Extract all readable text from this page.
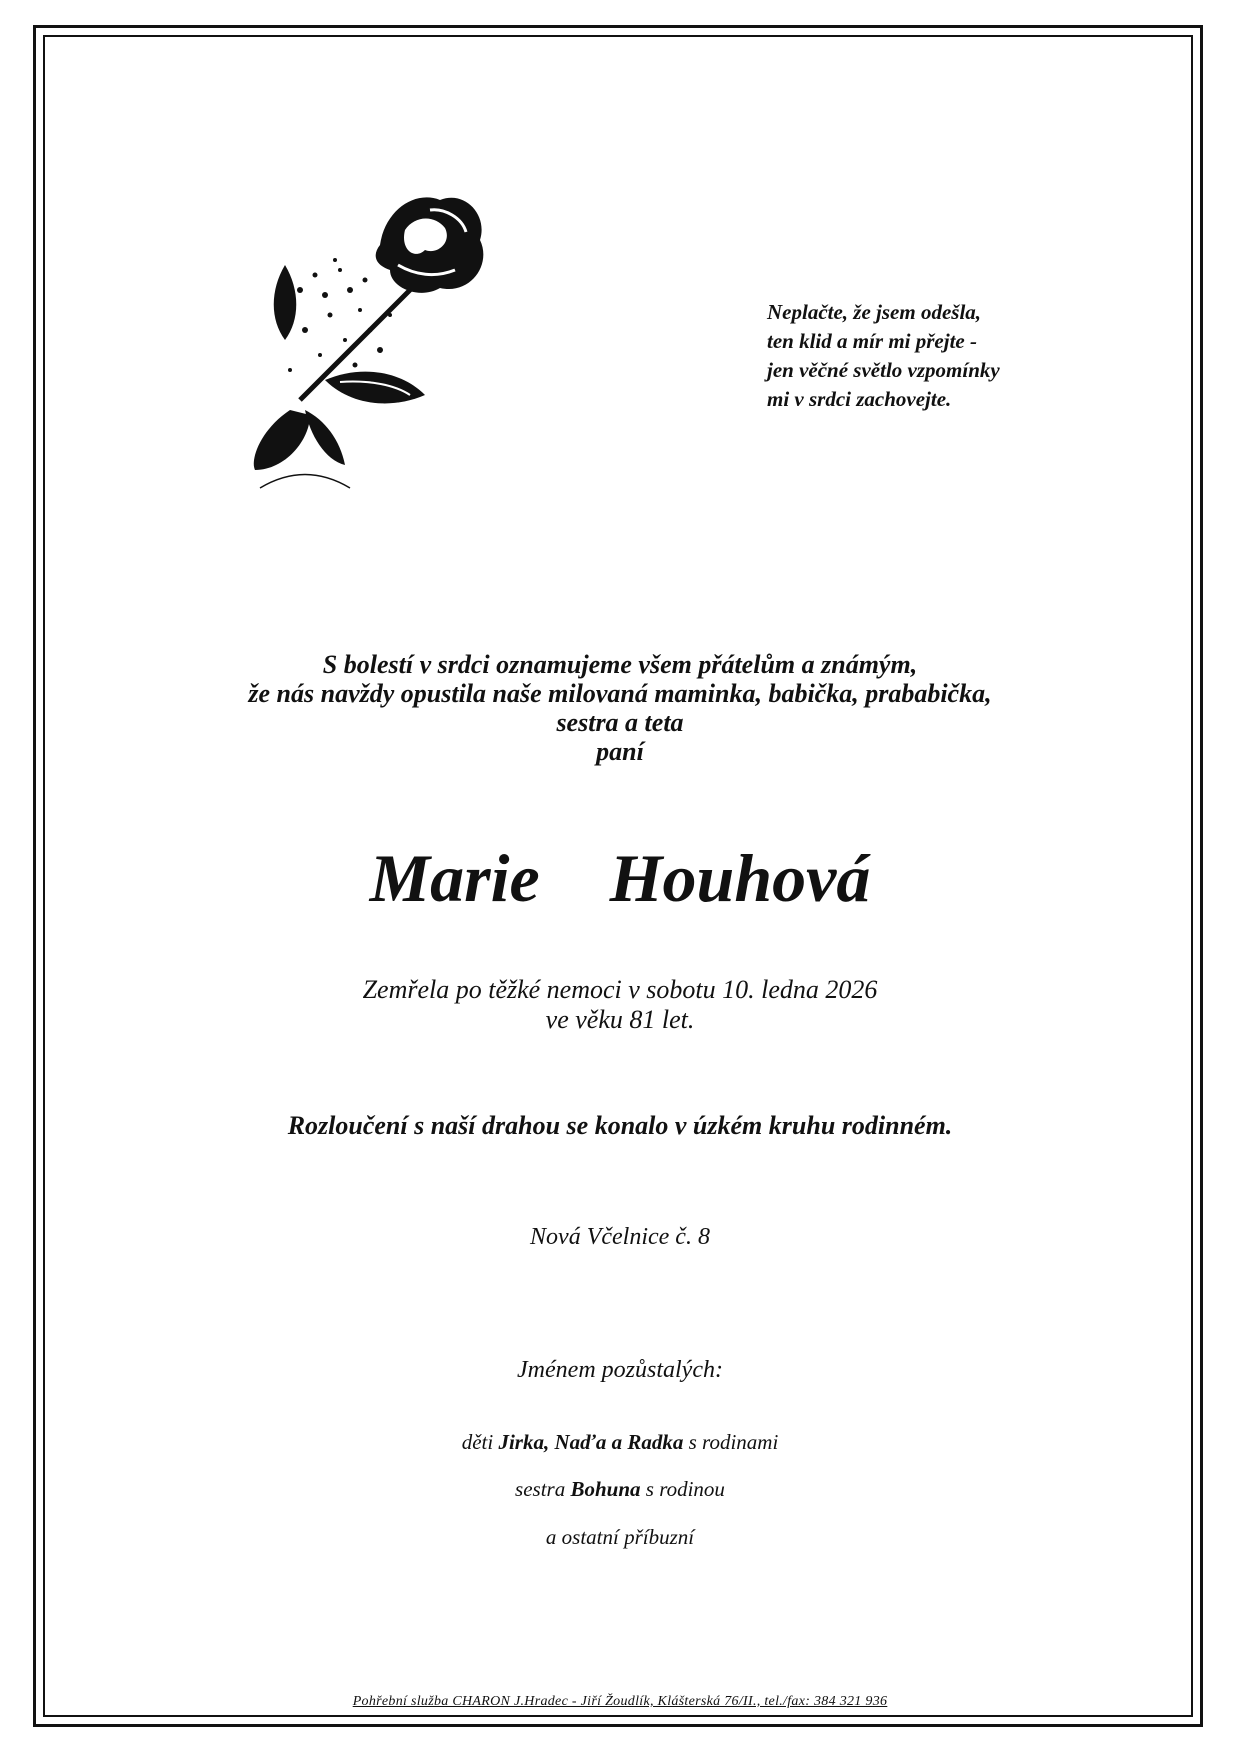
Neplačte, že jsem odešla,
ten klid a mír mi přejte -
jen věčné světlo vzpomínky
mi v srdci zachovejte.
S bolestí v srdci oznamujeme všem přátelům a známým,
že nás navždy opustila naše milovaná maminka, babička, prababička,
sestra a teta
paní
Marie  Houhová
Zemřela po těžké nemoci v sobotu 10. ledna 2026
ve věku 81 let.
Rozloučení s naší drahou se konalo v úzkém kruhu rodinném.
Nová Včelnice č. 8
Jménem pozůstalých:
děti Jirka, Naďa a Radka s rodinami
sestra Bohuna s rodinou
a ostatní příbuzní
Pohřební služba CHARON J.Hradec - Jiří Žoudlík, Klášterská 76/II., tel./fax: 384 321 936
